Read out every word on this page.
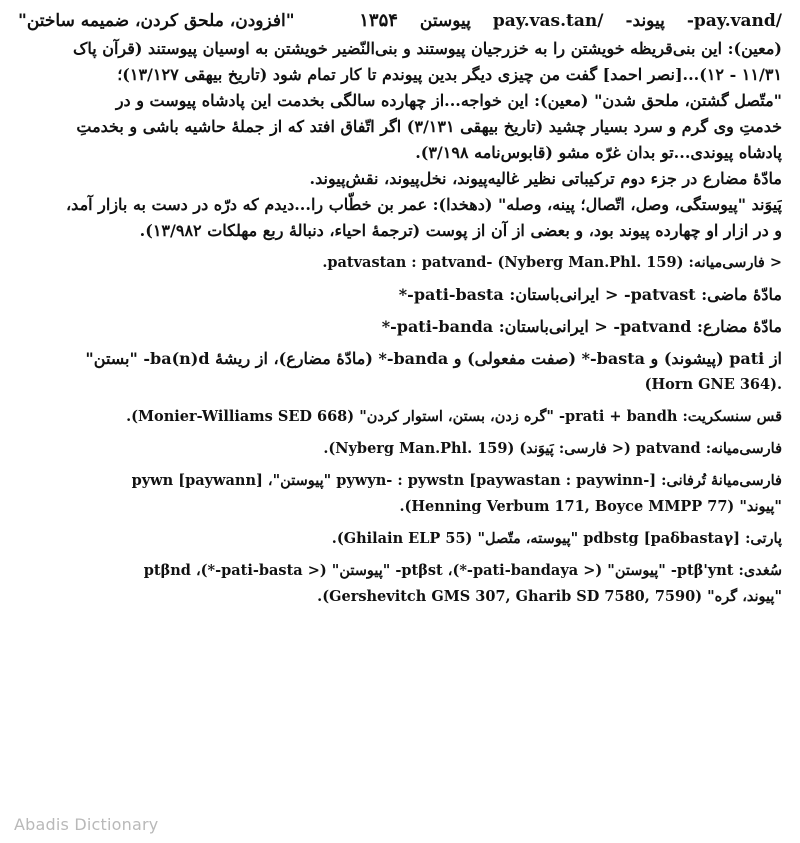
"افزودن، ملحق کردن، ضمیمه ساختن"	/pay.vand-
پیوند-
/pay.vas.tan
پیوستن
۱۳۵۴

(معین): این بنی‌قریظه خویشتن را به خزرجیان پیوستند و بنی‌النّضیر خویشتن به اوسیان پیوستند (قرآن پاک

۱۱/۳۱ - ۱۲)...[نصر احمد] گفت من چیزی دیگر بدین پیوندم تا کار تمام شود (تاریخ بیهقی ۱۳/۱۲۷)؛

"متّصل گشتن، ملحق شدن" (معین): این خواجه...از چهارده سالگی بخدمت این پادشاه پیوست و در

خدمتِ وی گرم و سرد بسیار چشید (تاریخ بیهقی ۳/۱۳۱) اگر اتّفاق افتد که از جملهٔ حاشیه باشی و بخدمتِ

پادشاه پیوندی...تو بدان غرّه مشو (قابوس‌نامه ۳/۱۹۸).

مادّهٔ مضارع در جزء دوم ترکیباتی نظیر غالیه‌پیوند، نخل‌پیوند، نقش‌پیوند.

پَیوَند "پیوستگی، وصل، اتّصال؛ پینه، وصله" (دهخدا): عمر بن خطّاب را...دیدم که درّه در دست به بازار آمد،

و در ازار او چهارده پیوند بود، و بعضی از آن از پوست (ترجمهٔ احیاء، دنبالهٔ ربع مهلکات ۱۳/۹۸۲).

< فارسی‌میانه: patvastan : patvand- (Nyberg Man.Phl. 159).

مادّهٔ ماضی: patvast- < ایرانی‌باستان: pati-basta-*

مادّهٔ مضارع: patvand- < ایرانی‌باستان: pati-banda-*

از pati (پیشوند) و basta-* (صفت مفعولی) و banda-* (مادّهٔ مضارع)، از ریشهٔ ba(n)d- "بستن"

(Horn GNE 364).

قس سنسکریت: prati + bandh- "گره زدن، بستن، استوار کردن" (Monier-Williams SED 668).

فارسی‌میانه: patvand (< فارسی: پَیوَند) (Nyberg Man.Phl. 159).

فارسی‌میانهٔ تُرفانی: pywyn- : pywstn [paywastan : paywinn-] "پیوستن"، pywn [paywann]

"پیوند" (Henning Verbum 171, Boyce MMPP 77).

پارتی: pdbstg [paδbastaγ] "پیوسته، متّصل" (Ghilain ELP 55).

سُغدی: ptβ'ynt- "پیوستن" (< pati-bandaya-*)، ptβst- "پیوستن" (< pati-basta-*)، ptβnd

"پیوند، گره" (Gershevitch GMS 307, Gharib SD 7580, 7590).

Abadis Dictionary
